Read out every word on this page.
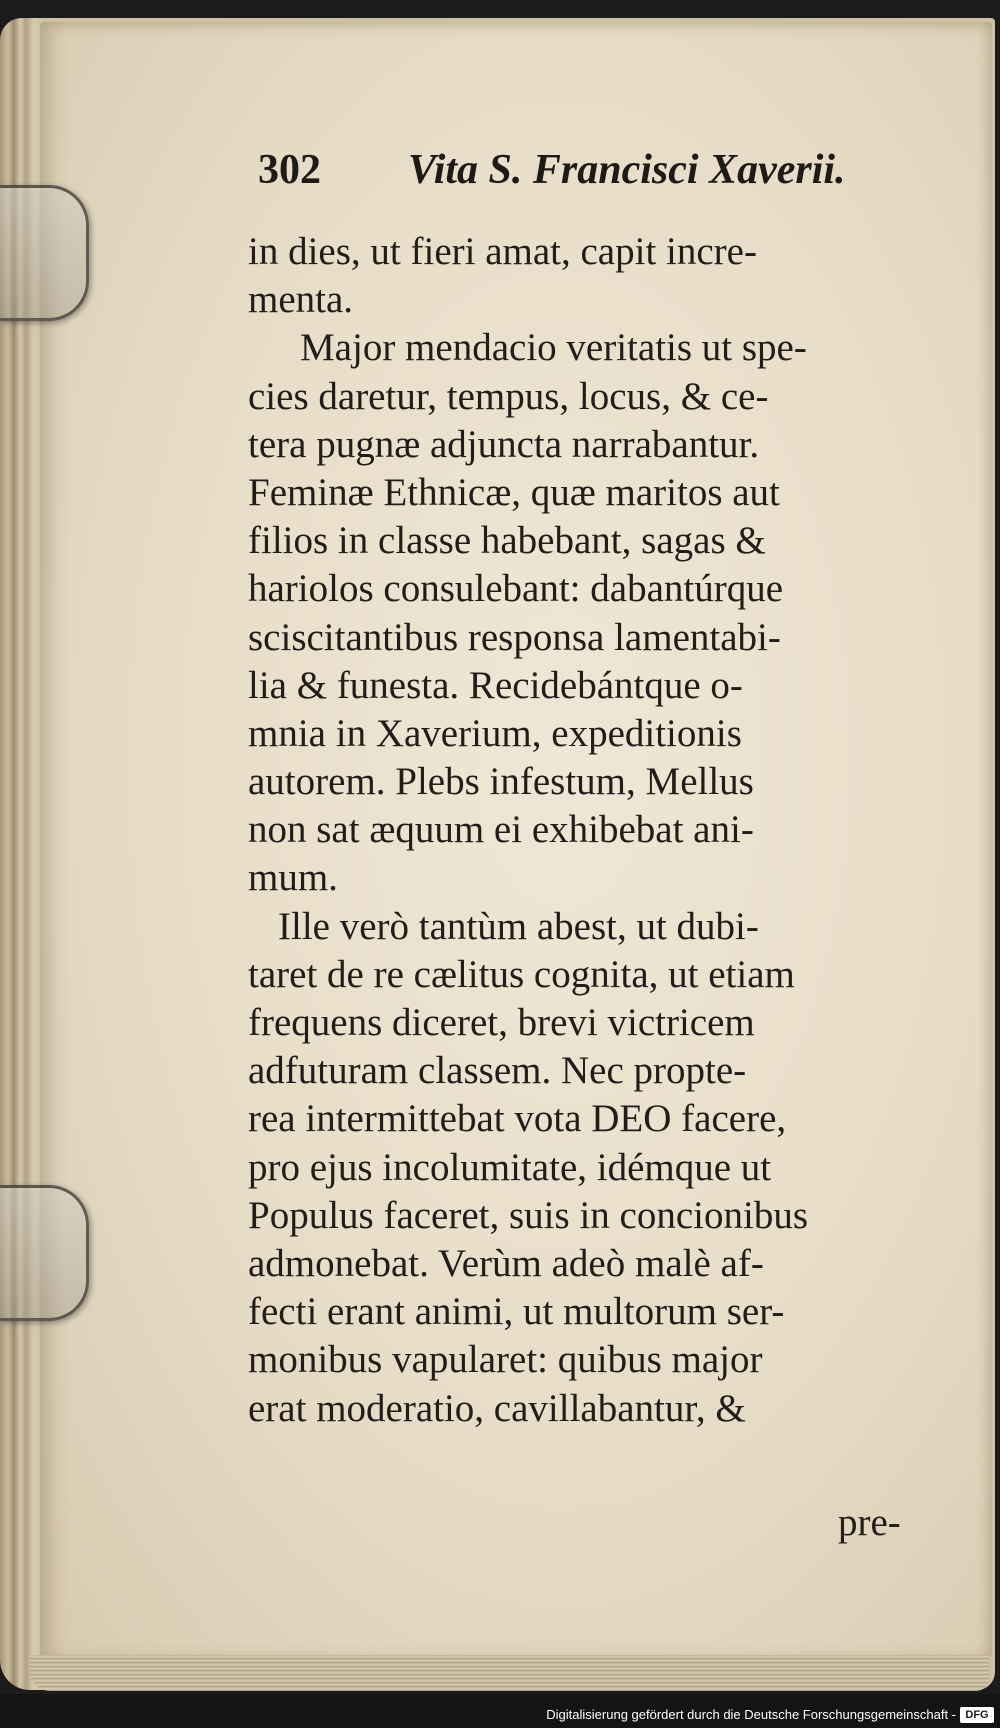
302 Vita S. Francisci Xaverii.
in dies, ut fieri amat, capit incre-
menta.
Major mendacio veritatis ut spe-
cies daretur, tempus, locus, & ce-
tera pugnæ adjuncta narrabantur.
Feminæ Ethnicæ, quæ maritos aut
filios in classe habebant, sagas &
hariolos consulebant: dabantúrque
sciscitantibus responsa lamentabi-
lia & funesta. Recidebántque o-
mnia in Xaverium, expeditionis
autorem. Plebs infestum, Mellus
non sat æquum ei exhibebat ani-
mum.
Ille verò tantùm abest, ut dubi-
taret de re cælitus cognita, ut etiam
frequens diceret, brevi victricem
adfuturam classem. Nec propte-
rea intermittebat vota DEO facere,
pro ejus incolumitate, idémque ut
Populus faceret, suis in concionibus
admonebat. Verùm adeò malè af-
fecti erant animi, ut multorum ser-
monibus vapularet: quibus major
erat moderatio, cavillabantur, &
pre-
Digitalisierung gefördert durch die Deutsche Forschungsgemeinschaft - DFG
